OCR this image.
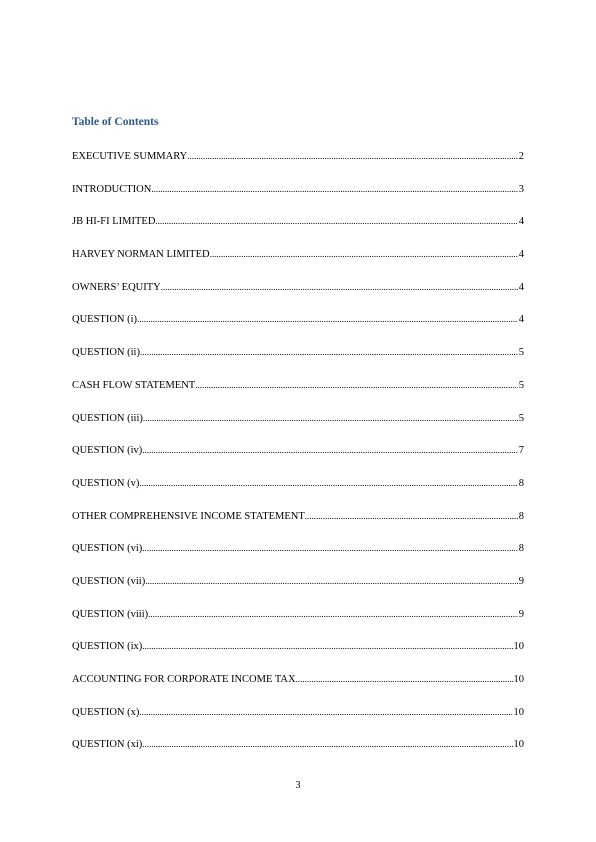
Table of Contents
EXECUTIVE SUMMARY .....	2
INTRODUCTION .....	3
JB HI-FI LIMITED .....	4
HARVEY NORMAN LIMITED .....	4
OWNERS’ EQUITY .....	4
QUESTION (i) .....	4
QUESTION (ii) .....	5
CASH FLOW STATEMENT .....	5
QUESTION (iii) .....	5
QUESTION (iv) .....	7
QUESTION (v) .....	8
OTHER COMPREHENSIVE INCOME STATEMENT .....	8
QUESTION (vi) .....	8
QUESTION (vii) .....	9
QUESTION (viii) .....	9
QUESTION (ix) .....	10
ACCOUNTING FOR CORPORATE INCOME TAX .....	10
QUESTION (x) .....	10
QUESTION (xi) .....	10
3
